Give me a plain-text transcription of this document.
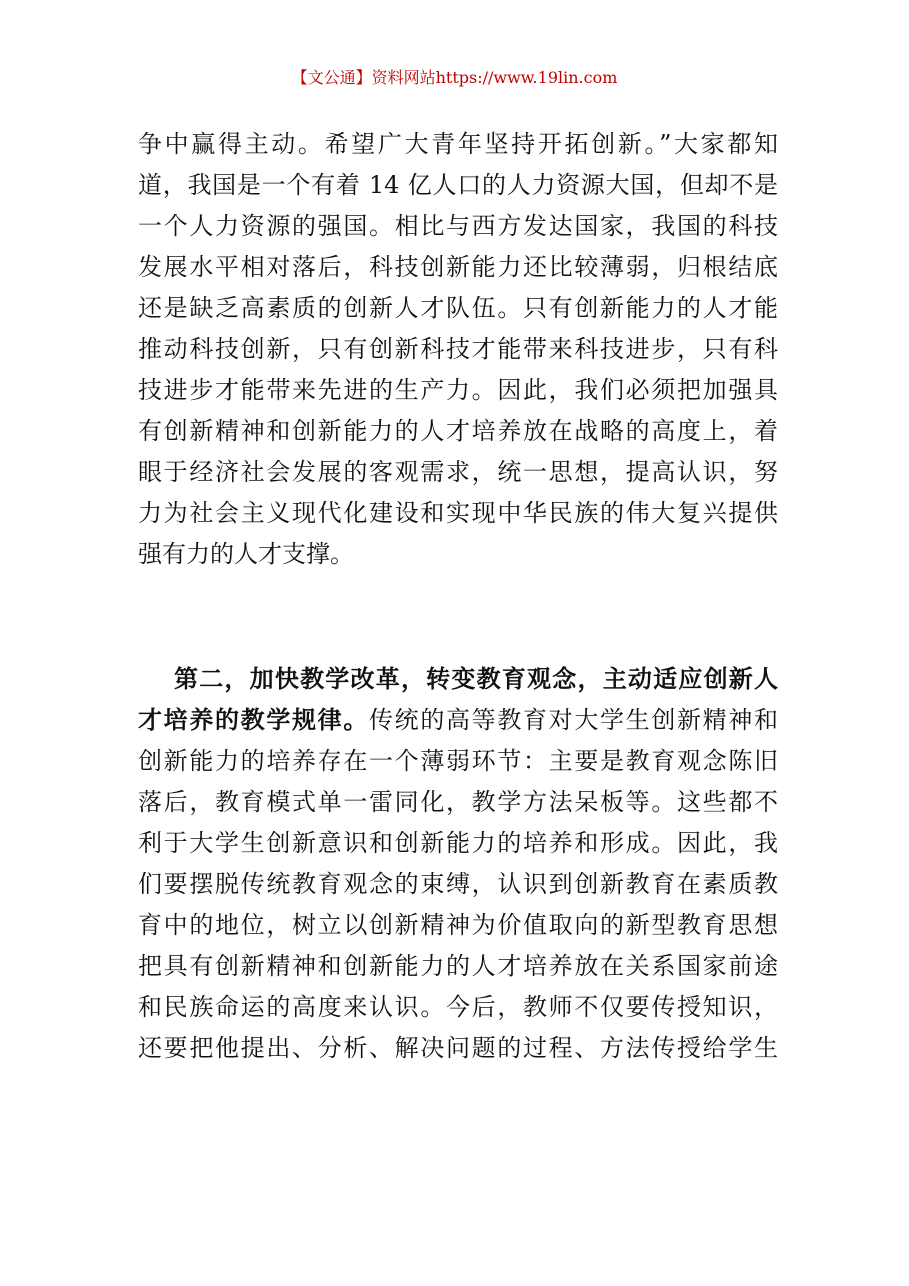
【文公通】资料网站https://www.19lin.com
争中赢得主动。希望广大青年坚持开拓创新。”大家都知
道，我国是一个有着 14 亿人口的人力资源大国，但却不是
一个人力资源的强国。相比与西方发达国家，我国的科技
发展水平相对落后，科技创新能力还比较薄弱，归根结底
还是缺乏高素质的创新人才队伍。只有创新能力的人才能
推动科技创新，只有创新科技才能带来科技进步，只有科
技进步才能带来先进的生产力。因此，我们必须把加强具
有创新精神和创新能力的人才培养放在战略的高度上，着
眼于经济社会发展的客观需求，统一思想，提高认识，努
力为社会主义现代化建设和实现中华民族的伟大复兴提供
强有力的人才支撑。
第二，加快教学改革，转变教育观念，主动适应创新人
才培养的教学规律。传统的高等教育对大学生创新精神和
创新能力的培养存在一个薄弱环节：主要是教育观念陈旧
落后，教育模式单一雷同化，教学方法呆板等。这些都不
利于大学生创新意识和创新能力的培养和形成。因此，我
们要摆脱传统教育观念的束缚，认识到创新教育在素质教
育中的地位，树立以创新精神为价值取向的新型教育思想
把具有创新精神和创新能力的人才培养放在关系国家前途
和民族命运的高度来认识。今后，教师不仅要传授知识，
还要把他提出、分析、解决问题的过程、方法传授给学生
